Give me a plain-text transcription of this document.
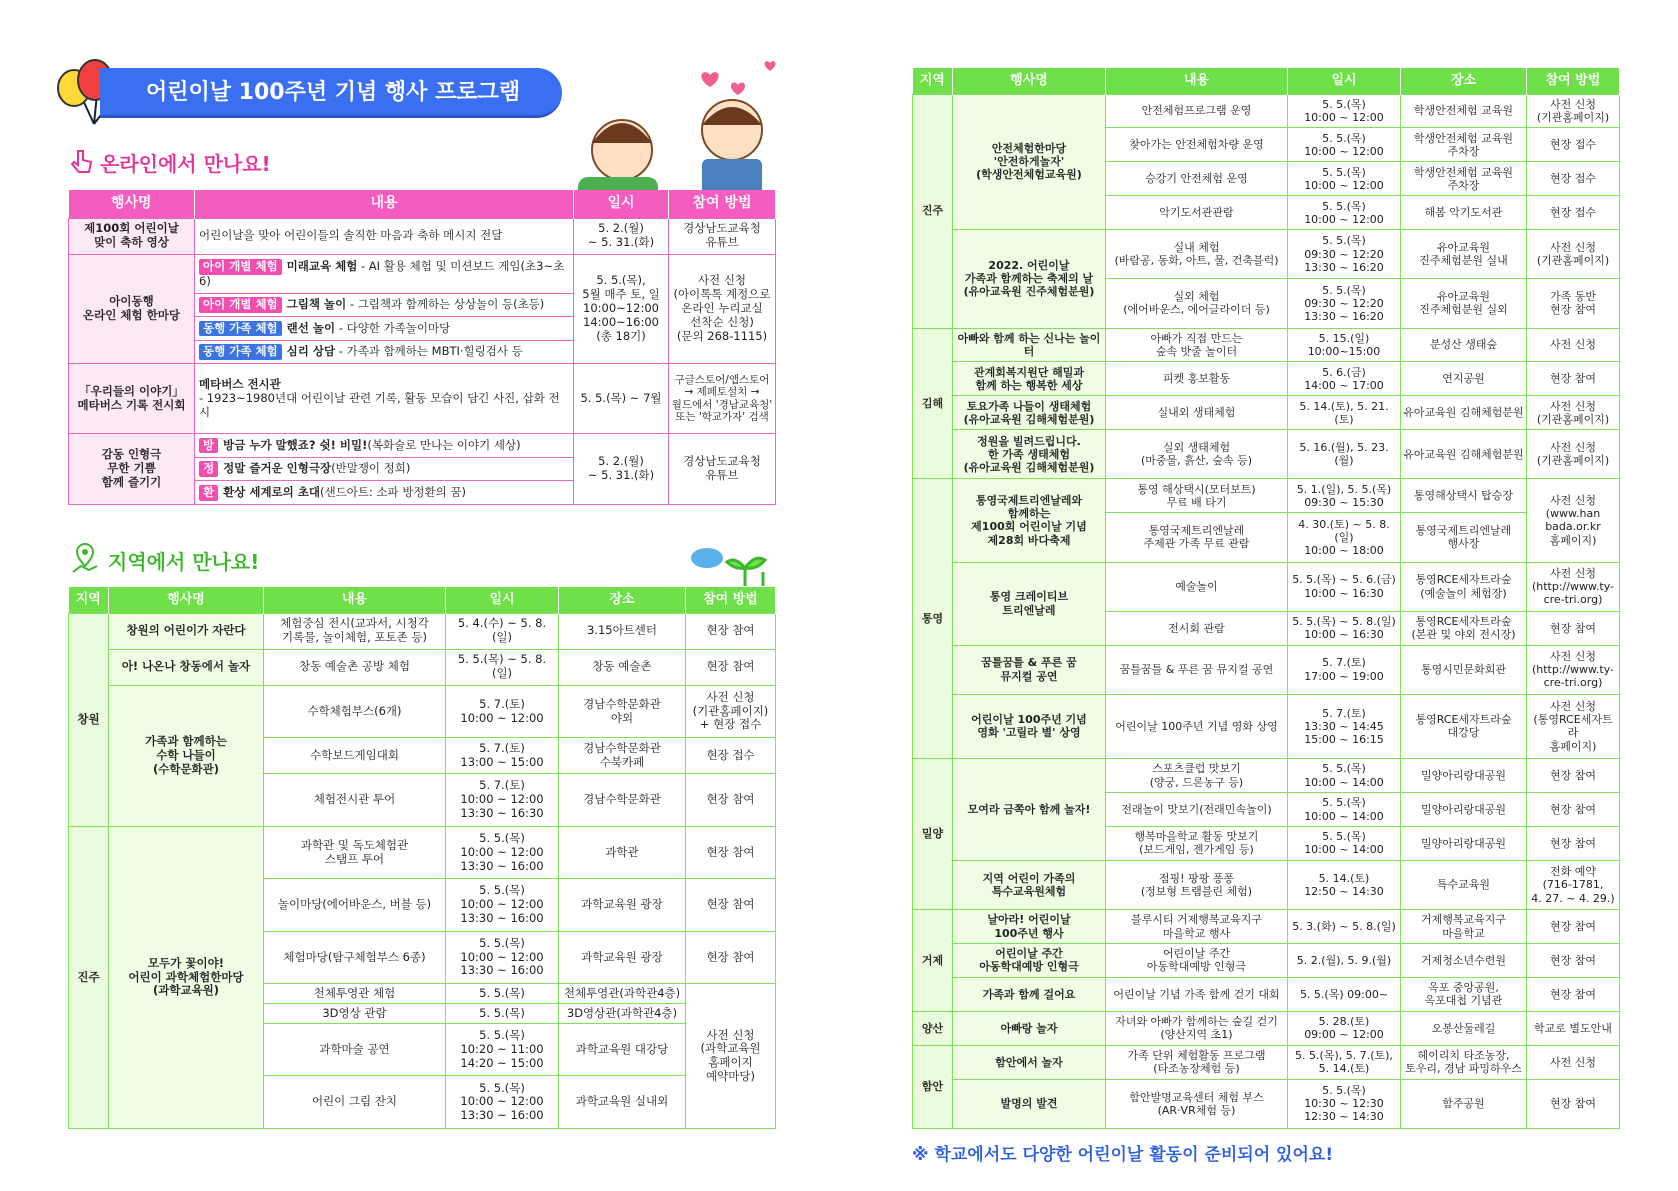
어린이날 100주년 기념 행사 프로그램
온라인에서 만나요!
행사명	내용	일시	참여 방법
제100회 어린이날
맞이 축하 영상	어린이날을 맞아 어린이들의 솔직한 마음과 축하 메시지 전달	5. 2.(월)
~ 5. 31.(화)	경상남도교육청
유튜브
아이동행
온라인 체험 한마당	아이 개별 체험 미래교육 체험 - AI 활용 체험 및 미션보드 게임(초3~초6)	5. 5.(목),
5월 매주 토, 일
10:00~12:00
14:00~16:00
(총 18기)	사전 신청
(아이톡톡 계정으로
온라인 누리교실
선착순 신청)
(문의 268-1115)
	아이 개별 체험 그림책 놀이 - 그림책과 함께하는 상상놀이 등(초등)		
	동행 가족 체험 랜선 놀이 - 다양한 가족놀이마당		
	동행 가족 체험 심리 상담 - 가족과 함께하는 MBTI·힐링검사 등		
「우리들의 이야기」
메타버스 기록 전시회	메타버스 전시관
- 1923~1980년대 어린이날 관련 기록, 활동 모습이 담긴 사진, 삽화 전시	5. 5.(목) ~ 7월	구글스토어/앱스토어
→ 제페토설치 →
월드에서 '경남교육청'
또는 '학교가자' 검색
감동 인형극
무한 기쁨
함께 즐기기	방 방금 누가 말했죠? 쉿! 비밀!(복화술로 만나는 이야기 세상)	5. 2.(월)
~ 5. 31.(화)	경상남도교육청
유튜브
	정 정말 즐거운 인형극장(반말쟁이 정희)		
	환 환상 세계로의 초대(샌드아트: 소파 방정환의 꿈)		
지역에서 만나요!
지역	행사명	내용	일시	장소	참여 방법
창원	창원의 어린이가 자란다	체험중심 전시(교과서, 시청각
기록물, 놀이체험, 포토존 등)	5. 4.(수) ~ 5. 8.(일)	3.15아트센터	현장 참여
	아! 나온나 창동에서 놀자	창동 예술촌 공방 체험	5. 5.(목) ~ 5. 8.(일)	창동 예술촌	현장 참여
	가족과 함께하는
수학 나들이
(수학문화관)	수학체험부스(6개)	5. 7.(토)
10:00 ~ 12:00	경남수학문화관
야외	사전 신청
(기관홈페이지)
+ 현장 접수
		수학보드게임대회	5. 7.(토)
13:00 ~ 15:00	경남수학문화관
수북카페	현장 접수
		체험전시관 투어	5. 7.(토)
10:00 ~ 12:00
13:30 ~ 16:30	경남수학문화관	현장 참여
진주	모두가 꽃이야!
어린이 과학체험한마당
(과학교육원)	과학관 및 독도체험관
스탬프 투어	5. 5.(목)
10:00 ~ 12:00
13:30 ~ 16:00	과학관	현장 참여
		놀이마당(에어바운스, 버블 등)	5. 5.(목)
10:00 ~ 12:00
13:30 ~ 16:00	과학교육원 광장	현장 참여
		체험마당(탐구체험부스 6종)	5. 5.(목)
10:00 ~ 12:00
13:30 ~ 16:00	과학교육원 광장	현장 참여
		천체투영관 체험	5. 5.(목)	천체투영관(과학관4층)	사전 신청
(과학교육원
홈페이지
예약마당)
		3D영상 관람	5. 5.(목)	3D영상관(과학관4층)	
		과학마술 공연	5. 5.(목)
10:20 ~ 11:00
14:20 ~ 15:00	과학교육원 대강당	
		어린이 그림 잔치	5. 5.(목)
10:00 ~ 12:00
13:30 ~ 16:00	과학교육원 실내외	
지역	행사명	내용	일시	장소	참여 방법
진주	안전체험한마당
'안전하게놀자'
(학생안전체험교육원)	안전체험프로그램 운영	5. 5.(목)
10:00 ~ 12:00	학생안전체험 교육원	사전 신청
(기관홈페이지)
		찾아가는 안전체험차량 운영	5. 5.(목)
10:00 ~ 12:00	학생안전체험 교육원
주차장	현장 접수
		승강기 안전체험 운영	5. 5.(목)
10:00 ~ 12:00	학생안전체험 교육원
주차장	현장 접수
		악기도서관관람	5. 5.(목)
10:00 ~ 12:00	해봄 악기도서관	현장 접수
	2022. 어린이날
가족과 함께하는 축제의 날
(유아교육원 진주체험분원)	실내 체험
(바람공, 동화, 아트, 물, 건축블럭)	5. 5.(목)
09:30 ~ 12:20
13:30 ~ 16:20	유아교육원
진주체험분원 실내	사전 신청
(기관홈페이지)
		실외 체험
(에어바운스, 에어글라이더 등)	5. 5.(목)
09:30 ~ 12:20
13:30 ~ 16:20	유아교육원
진주체험분원 실외	가족 동반
현장 참여
김해	아빠와 함께 하는 신나는 놀이터	아빠가 직접 만드는
숲속 밧줄 놀이터	5. 15.(일)
10:00~15:00	분성산 생태숲	사전 신청
	관계회복지원단 해밀과
함께 하는 행복한 세상	피켓 홍보활동	5. 6.(금)
14:00 ~ 17:00	연지공원	현장 참여
	토요가족 나들이 생태체험
(유아교육원 김해체험분원)	실내외 생태체험	5. 14.(토), 5. 21.(토)	유아교육원 김해체험분원	사전 신청
(기관홈페이지)
	정원을 빌려드립니다.
한 가족 생태체험
(유아교육원 김해체험분원)	실외 생태체험
(마중물, 흙산, 숲속 등)	5. 16.(월), 5. 23.(월)	유아교육원 김해체험분원	사전 신청
(기관홈페이지)
통영	통영국제트리엔날레와
함께하는
제100회 어린이날 기념
제28회 바다축제	통영 해상택시(모터보트)
무료 배 타기	5. 1.(일), 5. 5.(목)
09:30 ~ 15:30	통영해상택시 탑승장	사전 신청
(www.han
bada.or.kr
홈페이지)
		통영국제트리엔날레
주제관 가족 무료 관람	4. 30.(토) ~ 5. 8.(일)
10:00 ~ 18:00	통영국제트리엔날레
행사장	
	통영 크레이티브
트리엔날레	예술놀이	5. 5.(목) ~ 5. 6.(금)
10:00 ~ 16:30	통영RCE세자트라숲
(예술놀이 체험장)	사전 신청
(http://www.ty-
cre-tri.org)
		전시회 관람	5. 5.(목) ~ 5. 8.(일)
10:00 ~ 16:30	통영RCE세자트라숲
(본관 및 야외 전시장)	현장 참여
	꿈틀꿈틀 & 푸른 꿈
뮤지컬 공연	꿈틀꿈틀 & 푸른 꿈 뮤지컬 공연	5. 7.(토)
17:00 ~ 19:00	통영시민문화회관	사전 신청
(http://www.ty-
cre-tri.org)
	어린이날 100주년 기념
영화 '고릴라 별' 상영	어린이날 100주년 기념 영화 상영	5. 7.(토)
13:30 ~ 14:45
15:00 ~ 16:15	통영RCE세자트라숲
대강당	사전 신청
(통영RCE세자트라
홈페이지)
밀양	모여라 금쪽아 함께 놀자!	스포츠클럽 맛보기
(양궁, 드론농구 등)	5. 5.(목)
10:00 ~ 14:00	밀양아리랑대공원	현장 참여
		전래놀이 맛보기(전래민속놀이)	5. 5.(목)
10:00 ~ 14:00	밀양아리랑대공원	현장 참여
		행복마을학교 활동 맛보기
(보드게임, 젠가게임 등)	5. 5.(목)
10:00 ~ 14:00	밀양아리랑대공원	현장 참여
	지역 어린이 가족의
특수교육원체험	점핑! 팡팡 퐁퐁
(정보형 트램블린 체험)	5. 14.(토)
12:50 ~ 14:30	특수교육원	전화 예약
(716-1781,
4. 27. ~ 4. 29.)
거제	날아라! 어린이날
100주년 행사	블루시티 거제행복교육지구
마을학교 행사	5. 3.(화) ~ 5. 8.(일)	거제행복교육지구
마을학교	현장 참여
	어린이날 주간
아동학대예방 인형극	어린이날 주간
아동학대예방 인형극	5. 2.(월), 5. 9.(월)	거제청소년수련원	현장 참여
	가족과 함께 걸어요	어린이날 기념 가족 함께 걷기 대회	5. 5.(목) 09:00~	옥포 중앙공원,
옥포대첩 기념관	현장 참여
양산	아빠랑 놀자	자녀와 아빠가 함께하는 숲길 걷기
(양산지역 초1)	5. 28.(토)
09:00 ~ 12:00	오봉산둘레길	학교로 별도안내
함안	함안에서 놀자	가족 단위 체험활동 프로그램
(타조농장체험 등)	5. 5.(목), 5. 7.(토),
5. 14.(토)	헤이리치 타조농장,
토우리, 경남 파밍하우스	사전 신청
	발명의 발견	함안발명교육센터 체험 부스
(AR·VR체험 등)	5. 5.(목)
10:30 ~ 12:30
12:30 ~ 14:30	함주공원	현장 참여
※ 학교에서도 다양한 어린이날 활동이 준비되어 있어요!
